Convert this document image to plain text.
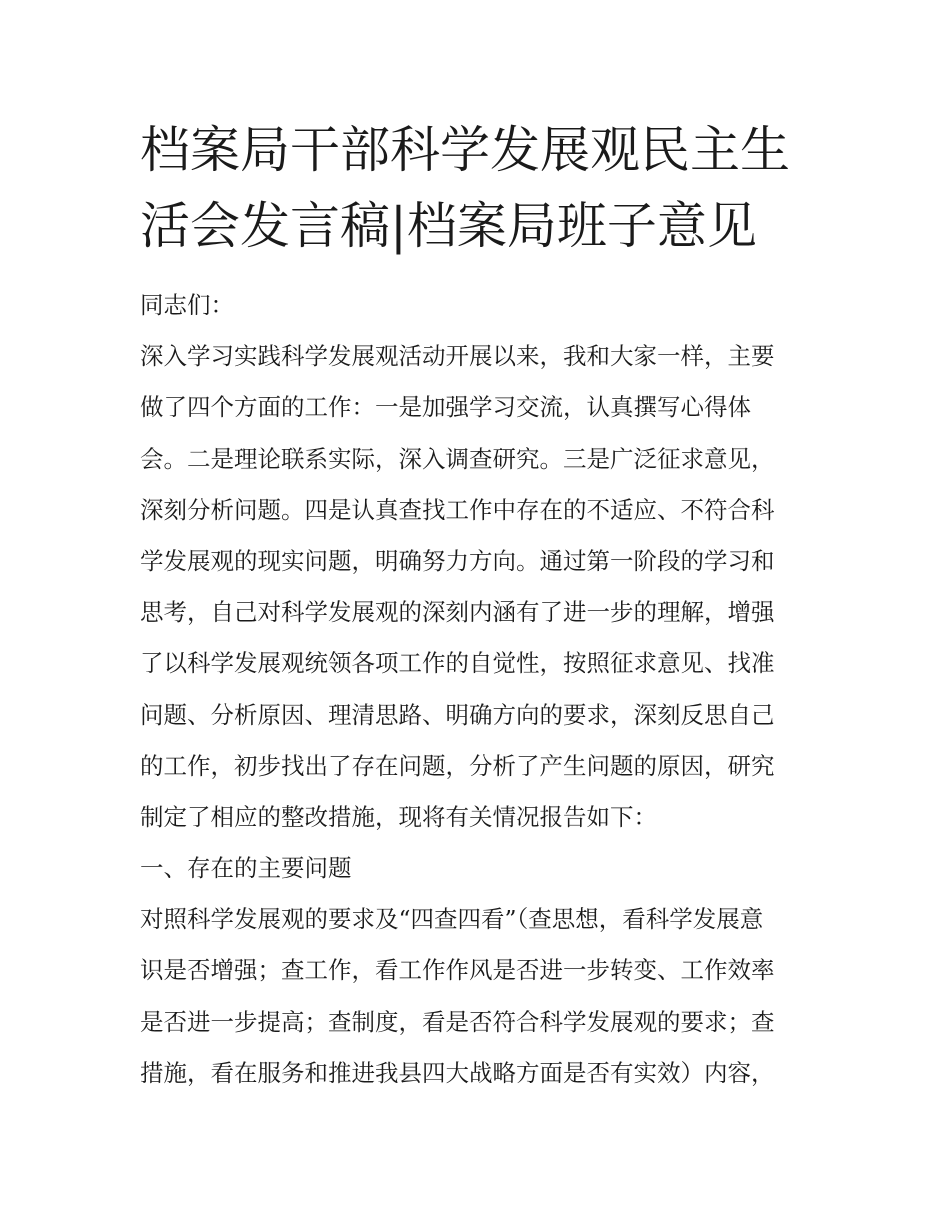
档案局干部科学发展观民主生
活会发言稿|档案局班子意见
同志们：
深入学习实践科学发展观活动开展以来，我和大家一样，主要
做了四个方面的工作：一是加强学习交流，认真撰写心得体
会。二是理论联系实际，深入调查研究。三是广泛征求意见，
深刻分析问题。四是认真查找工作中存在的不适应、不符合科
学发展观的现实问题，明确努力方向。通过第一阶段的学习和
思考，自己对科学发展观的深刻内涵有了进一步的理解，增强
了以科学发展观统领各项工作的自觉性，按照征求意见、找准
问题、分析原因、理清思路、明确方向的要求，深刻反思自己
的工作，初步找出了存在问题，分析了产生问题的原因，研究
制定了相应的整改措施，现将有关情况报告如下：
一、存在的主要问题
对照科学发展观的要求及“四查四看”（查思想，看科学发展意
识是否增强；查工作，看工作作风是否进一步转变、工作效率
是否进一步提高；查制度，看是否符合科学发展观的要求；查
措施，看在服务和推进我县四大战略方面是否有实效）内容，
